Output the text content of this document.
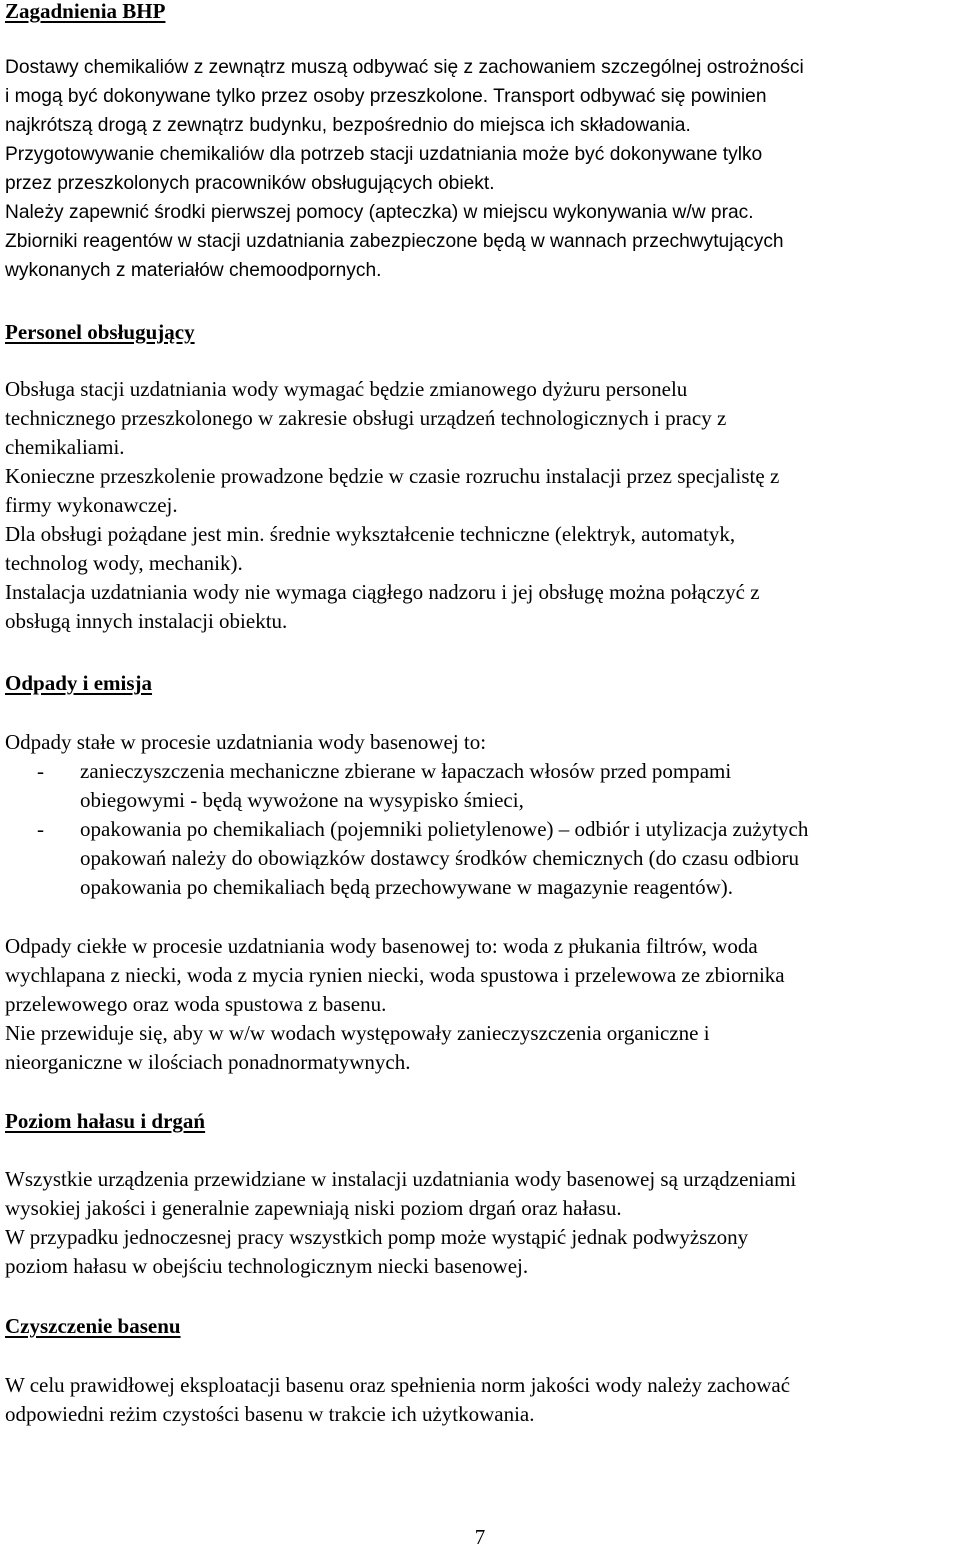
Zagadnienia BHP
Dostawy chemikaliów z zewnątrz muszą odbywać się z zachowaniem szczególnej ostrożności
i mogą być dokonywane tylko przez osoby przeszkolone. Transport odbywać się powinien
najkrótszą drogą z zewnątrz budynku, bezpośrednio do miejsca ich składowania.
Przygotowywanie chemikaliów dla potrzeb stacji uzdatniania może być dokonywane tylko
przez przeszkolonych pracowników obsługujących obiekt.
Należy zapewnić środki pierwszej pomocy (apteczka) w miejscu wykonywania w/w prac.
Zbiorniki reagentów w stacji uzdatniania zabezpieczone będą w wannach przechwytujących
wykonanych z materiałów chemoodpornych.
Personel obsługujący
Obsługa stacji uzdatniania wody wymagać będzie zmianowego dyżuru personelu
technicznego przeszkolonego w zakresie obsługi urządzeń technologicznych i pracy z
chemikaliami.
Konieczne przeszkolenie prowadzone będzie w czasie rozruchu instalacji przez specjalistę z
firmy wykonawczej.
Dla obsługi pożądane jest min. średnie wykształcenie techniczne (elektryk, automatyk,
technolog wody, mechanik).
Instalacja uzdatniania wody nie wymaga ciągłego nadzoru i jej obsługę można połączyć z
obsługą innych instalacji obiektu.
Odpady i emisja
Odpady stałe w procesie uzdatniania wody basenowej to:
- zanieczyszczenia mechaniczne zbierane w łapaczach włosów przed pompami
obiegowymi - będą wywożone na wysypisko śmieci,
- opakowania po chemikaliach (pojemniki polietylenowe) – odbiór i utylizacja zużytych
opakowań należy do obowiązków dostawcy środków chemicznych (do czasu odbioru
opakowania po chemikaliach będą przechowywane w magazynie reagentów).
Odpady ciekłe w procesie uzdatniania wody basenowej to: woda z płukania filtrów, woda
wychlapana z niecki, woda z mycia rynien niecki, woda spustowa i przelewowa ze zbiornika
przelewowego oraz woda spustowa z basenu.
Nie przewiduje się, aby w w/w wodach występowały zanieczyszczenia organiczne i
nieorganiczne w ilościach ponadnormatywnych.
Poziom hałasu i drgań
Wszystkie urządzenia przewidziane w instalacji uzdatniania wody basenowej są urządzeniami
wysokiej jakości i generalnie zapewniają niski poziom drgań oraz hałasu.
W przypadku jednoczesnej pracy wszystkich pomp może wystąpić jednak podwyższony
poziom hałasu w obejściu technologicznym niecki basenowej.
Czyszczenie basenu
W celu prawidłowej eksploatacji basenu oraz spełnienia norm jakości wody należy zachować
odpowiedni reżim czystości basenu w trakcie ich użytkowania.
7
